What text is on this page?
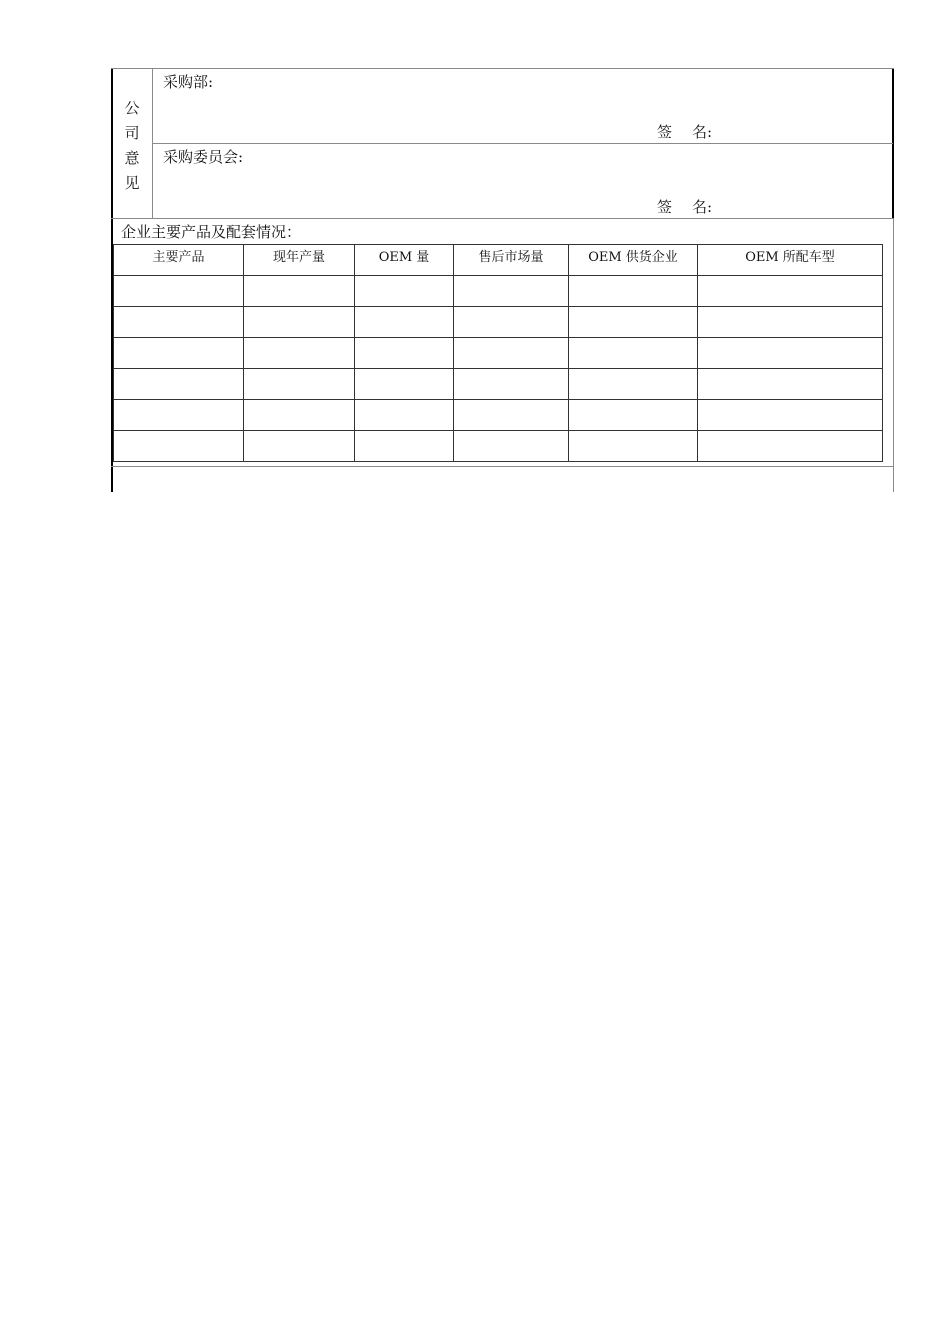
公
司
意
见
采购部:
签 名:
采购委员会:
签 名:
企业主要产品及配套情况：
主要产品	现年产量	OEM 量	售后市场量	OEM 供货企业	OEM 所配车型
